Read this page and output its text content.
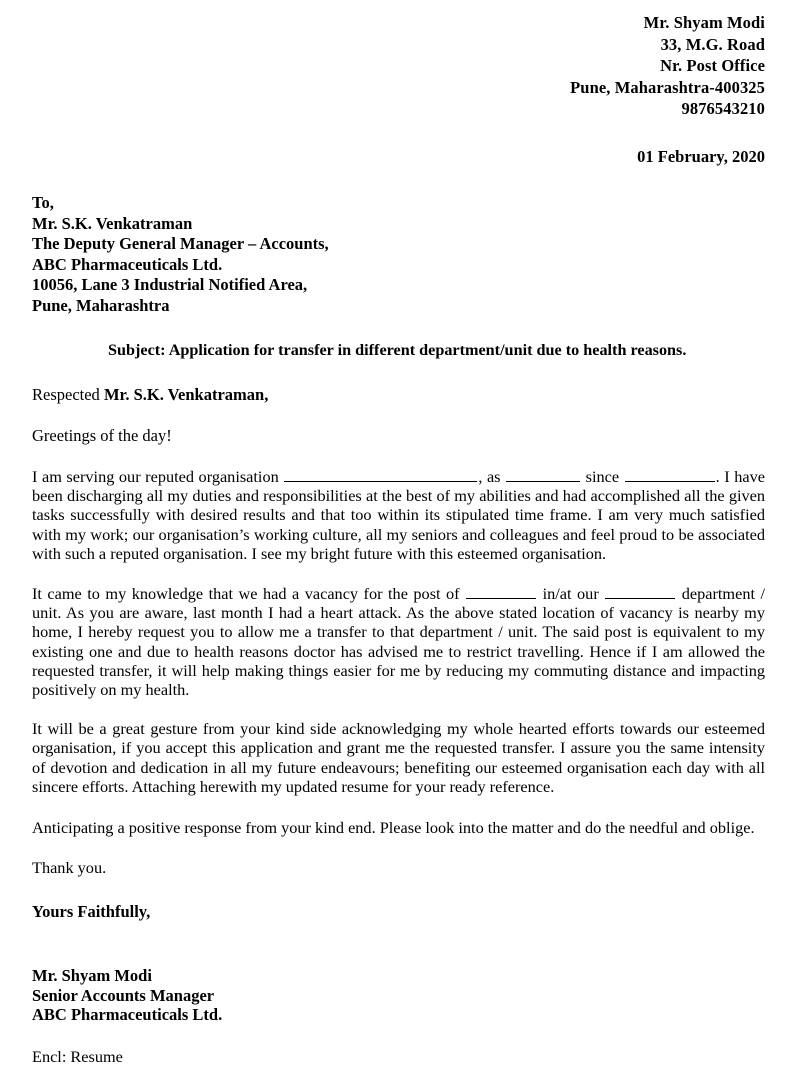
Mr. Shyam Modi
33, M.G. Road
Nr. Post Office
Pune, Maharashtra-400325
9876543210
01 February, 2020
To,
Mr. S.K. Venkatraman
The Deputy General Manager – Accounts,
ABC Pharmaceuticals Ltd.
10056, Lane 3 Industrial Notified Area,
Pune, Maharashtra
Subject: Application for transfer in different department/unit due to health reasons.
Respected Mr. S.K. Venkatraman,
Greetings of the day!
I am serving our reputed organisation	, as	since	. I have been discharging all my duties and responsibilities at the best of my abilities and had accomplished all the given tasks successfully with desired results and that too within its stipulated time frame. I am very much satisfied with my work; our organisation’s working culture, all my seniors and colleagues and feel proud to be associated with such a reputed organisation. I see my bright future with this esteemed organisation.
It came to my knowledge that we had a vacancy for the post of	in/at our	department / unit. As you are aware, last month I had a heart attack. As the above stated location of vacancy is nearby my home, I hereby request you to allow me a transfer to that department / unit. The said post is equivalent to my existing one and due to health reasons doctor has advised me to restrict travelling. Hence if I am allowed the requested transfer, it will help making things easier for me by reducing my commuting distance and impacting positively on my health.
It will be a great gesture from your kind side acknowledging my whole hearted efforts towards our esteemed organisation, if you accept this application and grant me the requested transfer. I assure you the same intensity of devotion and dedication in all my future endeavours; benefiting our esteemed organisation each day with all sincere efforts. Attaching herewith my updated resume for your ready reference.
Anticipating a positive response from your kind end. Please look into the matter and do the needful and oblige.
Thank you.
Yours Faithfully,
Mr. Shyam Modi
Senior Accounts Manager
ABC Pharmaceuticals Ltd.
Encl: Resume
